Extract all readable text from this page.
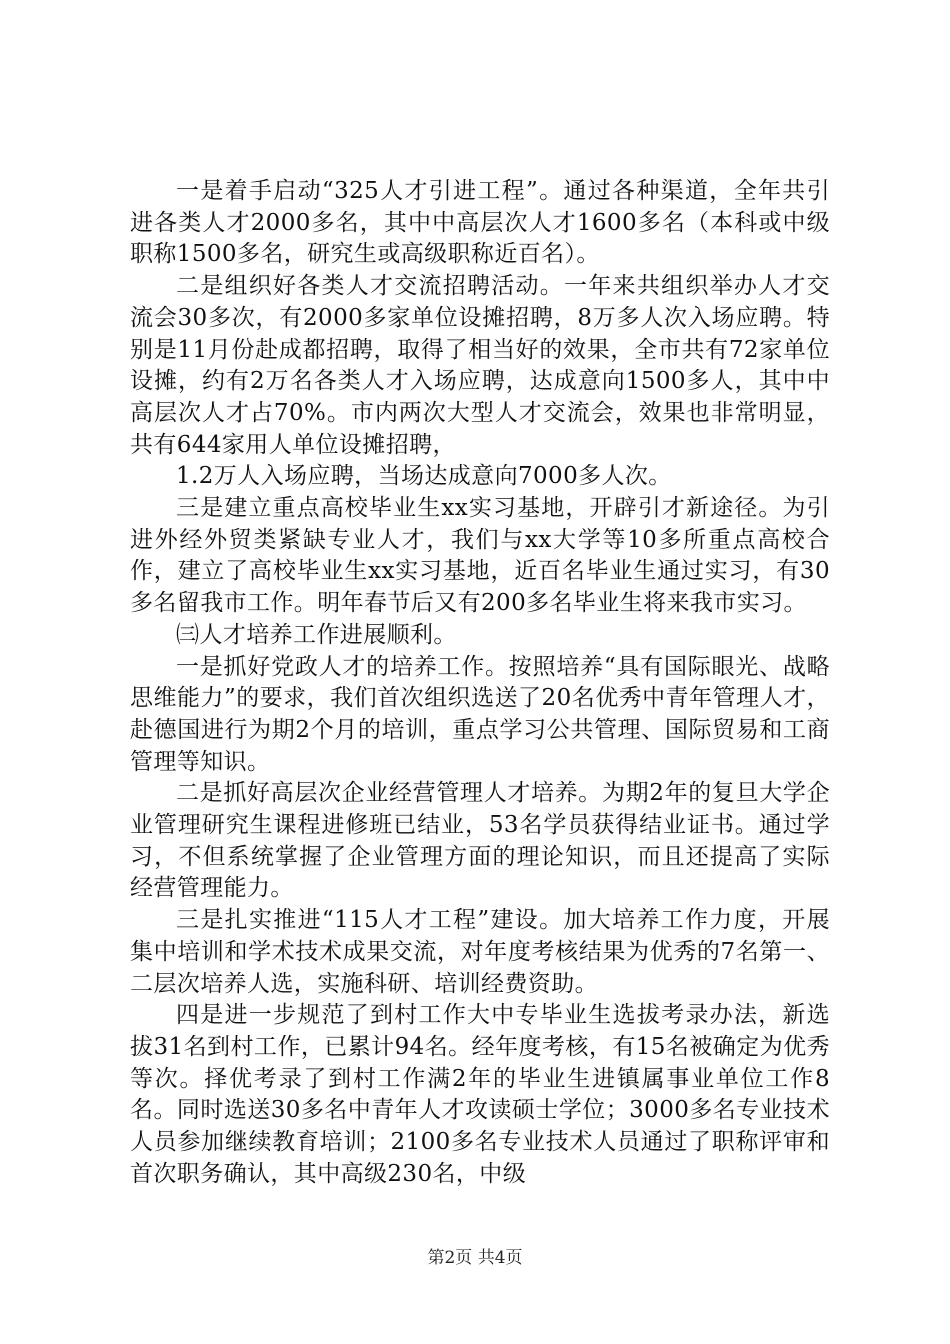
一是着手启动“325人才引进工程”。通过各种渠道，全年共引进各类人才2000多名，其中中高层次人才1600多名（本科或中级职称1500多名，研究生或高级职称近百名）。

二是组织好各类人才交流招聘活动。一年来共组织举办人才交流会30多次，有2000多家单位设摊招聘，8万多人次入场应聘。特别是11月份赴成都招聘，取得了相当好的效果，全市共有72家单位设摊，约有2万名各类人才入场应聘，达成意向1500多人，其中中高层次人才占70%。市内两次大型人才交流会，效果也非常明显，共有644家用人单位设摊招聘，

1.2万人入场应聘，当场达成意向7000多人次。

三是建立重点高校毕业生xx实习基地，开辟引才新途径。为引进外经外贸类紧缺专业人才，我们与xx大学等10多所重点高校合作，建立了高校毕业生xx实习基地，近百名毕业生通过实习，有30多名留我市工作。明年春节后又有200多名毕业生将来我市实习。

㈢人才培养工作进展顺利。

一是抓好党政人才的培养工作。按照培养“具有国际眼光、战略思维能力”的要求，我们首次组织选送了20名优秀中青年管理人才，赴德国进行为期2个月的培训，重点学习公共管理、国际贸易和工商管理等知识。

二是抓好高层次企业经营管理人才培养。为期2年的复旦大学企业管理研究生课程进修班已结业，53名学员获得结业证书。通过学习，不但系统掌握了企业管理方面的理论知识，而且还提高了实际经营管理能力。

三是扎实推进“115人才工程”建设。加大培养工作力度，开展集中培训和学术技术成果交流，对年度考核结果为优秀的7名第一、二层次培养人选，实施科研、培训经费资助。

四是进一步规范了到村工作大中专毕业生选拔考录办法，新选拔31名到村工作，已累计94名。经年度考核，有15名被确定为优秀等次。择优考录了到村工作满2年的毕业生进镇属事业单位工作8名。同时选送30多名中青年人才攻读硕士学位；3000多名专业技术人员参加继续教育培训；2100多名专业技术人员通过了职称评审和首次职务确认，其中高级230名，中级

第2页 共4页
